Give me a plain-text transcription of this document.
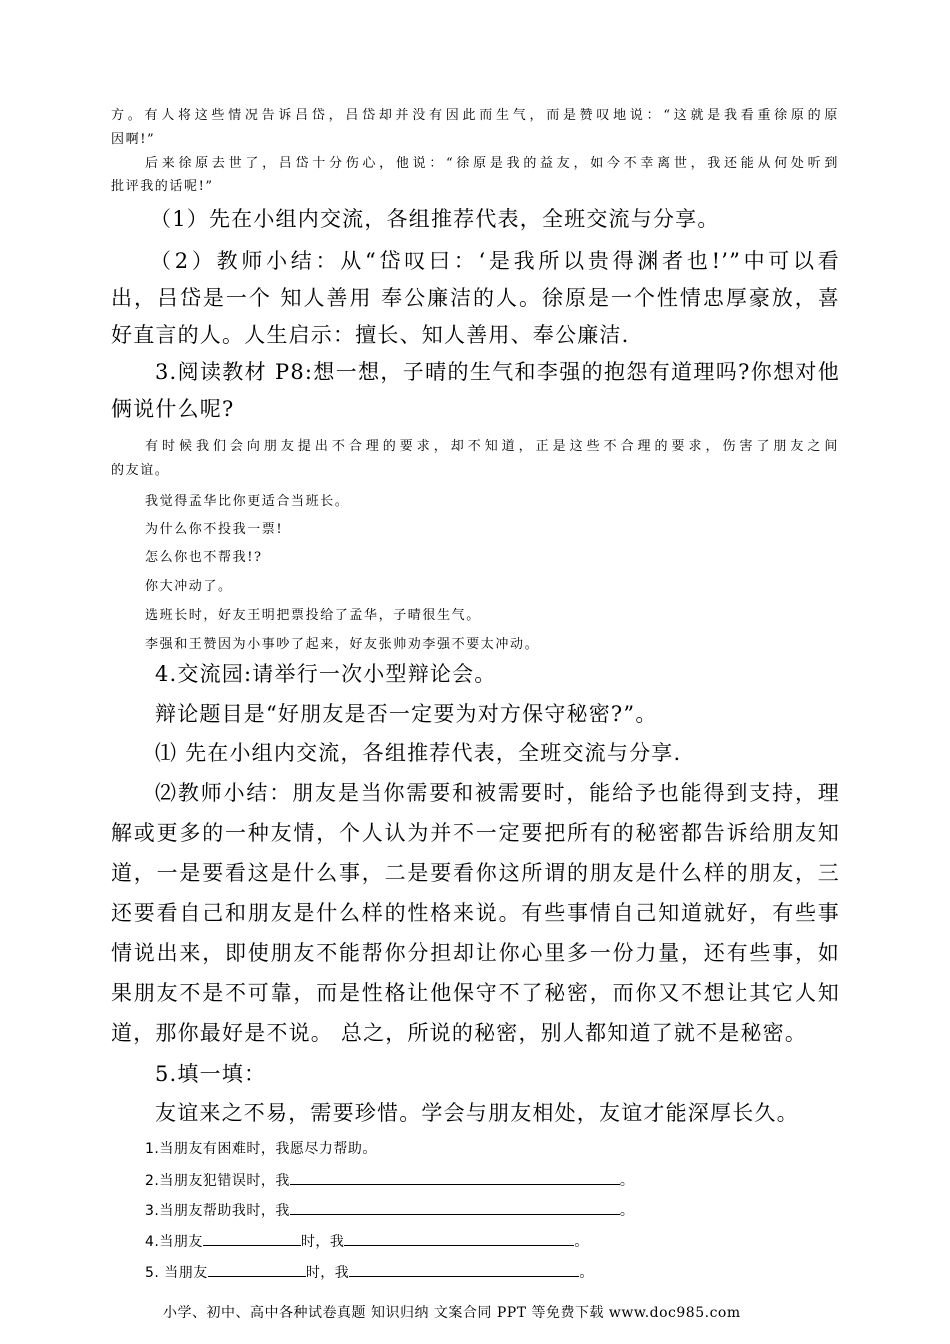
方。有人将这些情况告诉吕岱，吕岱却并没有因此而生气，而是赞叹地说：“这就是我看重徐原的原
因啊!”
后来徐原去世了，吕岱十分伤心，他说：“徐原是我的益友，如今不幸离世，我还能从何处听到
批评我的话呢!”
（1）先在小组内交流，各组推荐代表，全班交流与分享。
（2）教师小结：从“岱叹曰：‘是我所以贵得渊者也!’”中可以看
出，吕岱是一个 知人善用 奉公廉洁的人。徐原是一个性情忠厚豪放，喜
好直言的人。人生启示：擅长、知人善用、奉公廉洁.
3.阅读教材 P8:想一想，子晴的生气和李强的抱怨有道理吗?你想对他
俩说什么呢?
有时候我们会向朋友提出不合理的要求，却不知道，正是这些不合理的要求，伤害了朋友之间
的友谊。
我觉得孟华比你更适合当班长。
为什么你不投我一票!
怎么你也不帮我!?
你大冲动了。
选班长时，好友王明把票投给了孟华，子晴很生气。
李强和王赞因为小事吵了起来，好友张帅劝李强不要太冲动。
4.交流园:请举行一次小型辩论会。
辩论题目是“好朋友是否一定要为对方保守秘密?”。
⑴ 先在小组内交流，各组推荐代表，全班交流与分享.
⑵教师小结：朋友是当你需要和被需要时，能给予也能得到支持，理
解或更多的一种友情，个人认为并不一定要把所有的秘密都告诉给朋友知
道，一是要看这是什么事，二是要看你这所谓的朋友是什么样的朋友，三
还要看自己和朋友是什么样的性格来说。有些事情自己知道就好，有些事
情说出来，即使朋友不能帮你分担却让你心里多一份力量，还有些事，如
果朋友不是不可靠，而是性格让他保守不了秘密，而你又不想让其它人知
道，那你最好是不说。 总之，所说的秘密，别人都知道了就不是秘密。
5.填一填：
友谊来之不易，需要珍惜。学会与朋友相处，友谊才能深厚长久。
1.当朋友有困难时，我愿尽力帮助。
2.当朋友犯错误时，我	。
3.当朋友帮助我时，我	。
4.当朋友	时，我	。
5. 当朋友	时，我	。
小学、初中、高中各种试卷真题 知识归纳 文案合同 PPT 等免费下载 www.doc985.com
